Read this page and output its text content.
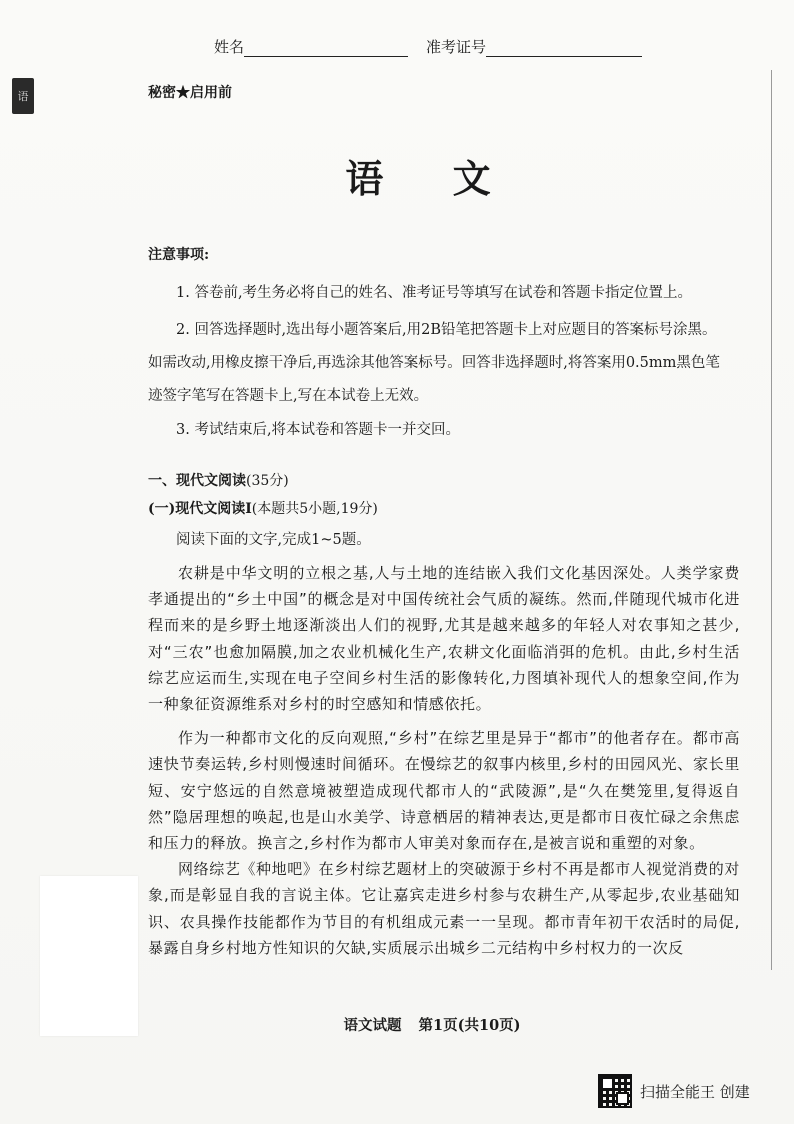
语
姓名	准考证号
秘密★启用前
语 文
注意事项:

1. 答卷前,考生务必将自己的姓名、准考证号等填写在试卷和答题卡指定位置上。

2. 回答选择题时,选出每小题答案后,用2B铅笔把答题卡上对应题目的答案标号涂黑。如需改动,用橡皮擦干净后,再选涂其他答案标号。回答非选择题时,将答案用0.5mm黑色笔迹签字笔写在答题卡上,写在本试卷上无效。

3. 考试结束后,将本试卷和答题卡一并交回。

一、现代文阅读(35分)
(一)现代文阅读Ⅰ(本题共5小题,19分)
阅读下面的文字,完成1~5题。

农耕是中华文明的立根之基,人与土地的连结嵌入我们文化基因深处。人类学家费孝通提出的“乡土中国”的概念是对中国传统社会气质的凝练。然而,伴随现代城市化进程而来的是乡野土地逐渐淡出人们的视野,尤其是越来越多的年轻人对农事知之甚少,对“三农”也愈加隔膜,加之农业机械化生产,农耕文化面临消弭的危机。由此,乡村生活综艺应运而生,实现在电子空间乡村生活的影像转化,力图填补现代人的想象空间,作为一种象征资源维系对乡村的时空感知和情感依托。

作为一种都市文化的反向观照,“乡村”在综艺里是异于“都市”的他者存在。都市高速快节奏运转,乡村则慢速时间循环。在慢综艺的叙事内核里,乡村的田园风光、家长里短、安宁悠远的自然意境被塑造成现代都市人的“武陵源”,是“久在樊笼里,复得返自然”隐居理想的唤起,也是山水美学、诗意栖居的精神表达,更是都市日夜忙碌之余焦虑和压力的释放。换言之,乡村作为都市人审美对象而存在,是被言说和重塑的对象。

网络综艺《种地吧》在乡村综艺题材上的突破源于乡村不再是都市人视觉消费的对象,而是彰显自我的言说主体。它让嘉宾走进乡村参与农耕生产,从零起步,农业基础知识、农具操作技能都作为节目的有机组成元素一一呈现。都市青年初干农活时的局促,暴露自身乡村地方性知识的欠缺,实质展示出城乡二元结构中乡村权力的一次反

语文试题 第1页(共10页)
扫描全能王 创建
